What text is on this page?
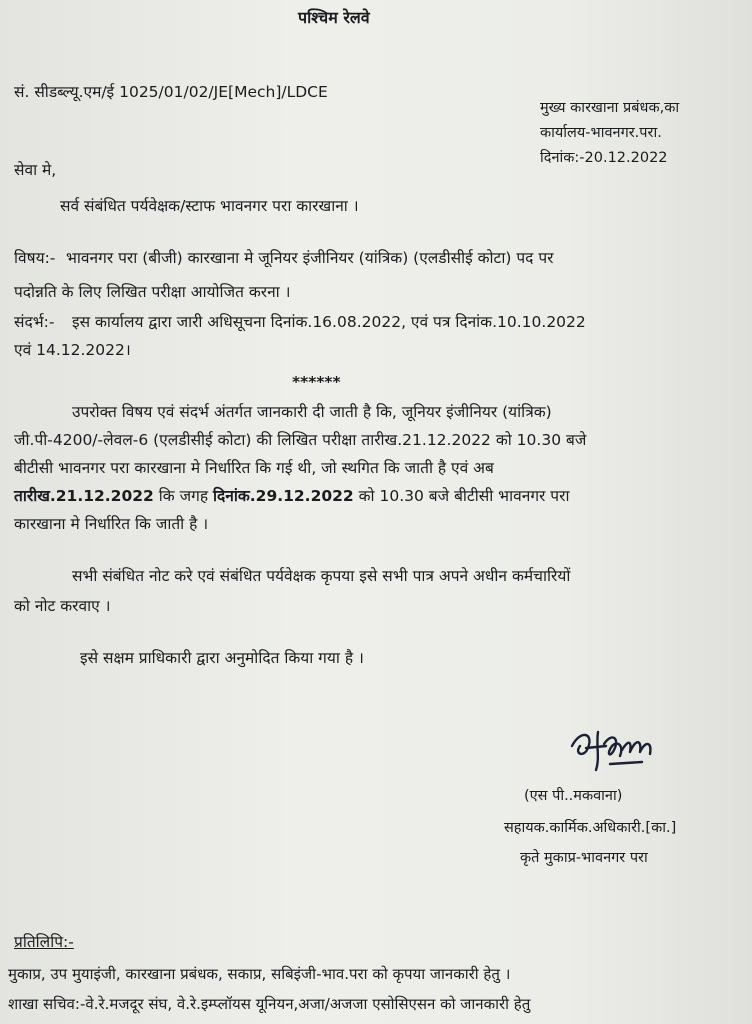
पश्चिम रेलवे
सं. सीडब्ल्यू.एम/ई 1025/01/02/JE[Mech]/LDCE
मुख्य कारखाना प्रबंधक,का
कार्यालय-भावनगर.परा.
दिनांक:-20.12.2022
सेवा मे,
सर्व संबंधित पर्यवेक्षक/स्टाफ भावनगर परा कारखाना ।
विषय:- भावनगर परा (बीजी) कारखाना मे जूनियर इंजीनियर (यांत्रिक) (एलडीसीई कोटा) पद पर
पदोन्नति के लिए लिखित परीक्षा आयोजित करना ।
संदर्भ:- इस कार्यालय द्वारा जारी अधिसूचना दिनांक.16.08.2022, एवं पत्र दिनांक.10.10.2022
एवं 14.12.2022।
******
उपरोक्त विषय एवं संदर्भ अंतर्गत जानकारी दी जाती है कि, जूनियर इंजीनियर (यांत्रिक)
जी.पी-4200/-लेवल-6 (एलडीसीई कोटा) की लिखित परीक्षा तारीख.21.12.2022 को 10.30 बजे
बीटीसी भावनगर परा कारखाना मे निर्धारित कि गई थी, जो स्थगित कि जाती है एवं अब
तारीख.21.12.2022 कि जगह दिनांक.29.12.2022 को 10.30 बजे बीटीसी भावनगर परा
कारखाना मे निर्धारित कि जाती है ।
सभी संबंधित नोट करे एवं संबंधित पर्यवेक्षक कृपया इसे सभी पात्र अपने अधीन कर्मचारियों
को नोट करवाए ।
इसे सक्षम प्राधिकारी द्वारा अनुमोदित किया गया है ।
(एस पी..मकवाना)
सहायक.कार्मिक.अधिकारी.[का.]
कृते मुकाप्र-भावनगर परा
प्रतिलिपि:-
मुकाप्र, उप मुयाइंजी, कारखाना प्रबंधक, सकाप्र, सबिइंजी-भाव.परा को कृपया जानकारी हेतु ।
शाखा सचिव:-वे.रे.मजदूर संघ, वे.रे.इम्प्लॉयस यूनियन,अजा/अजजा एसोसिएसन को जानकारी हेतु
